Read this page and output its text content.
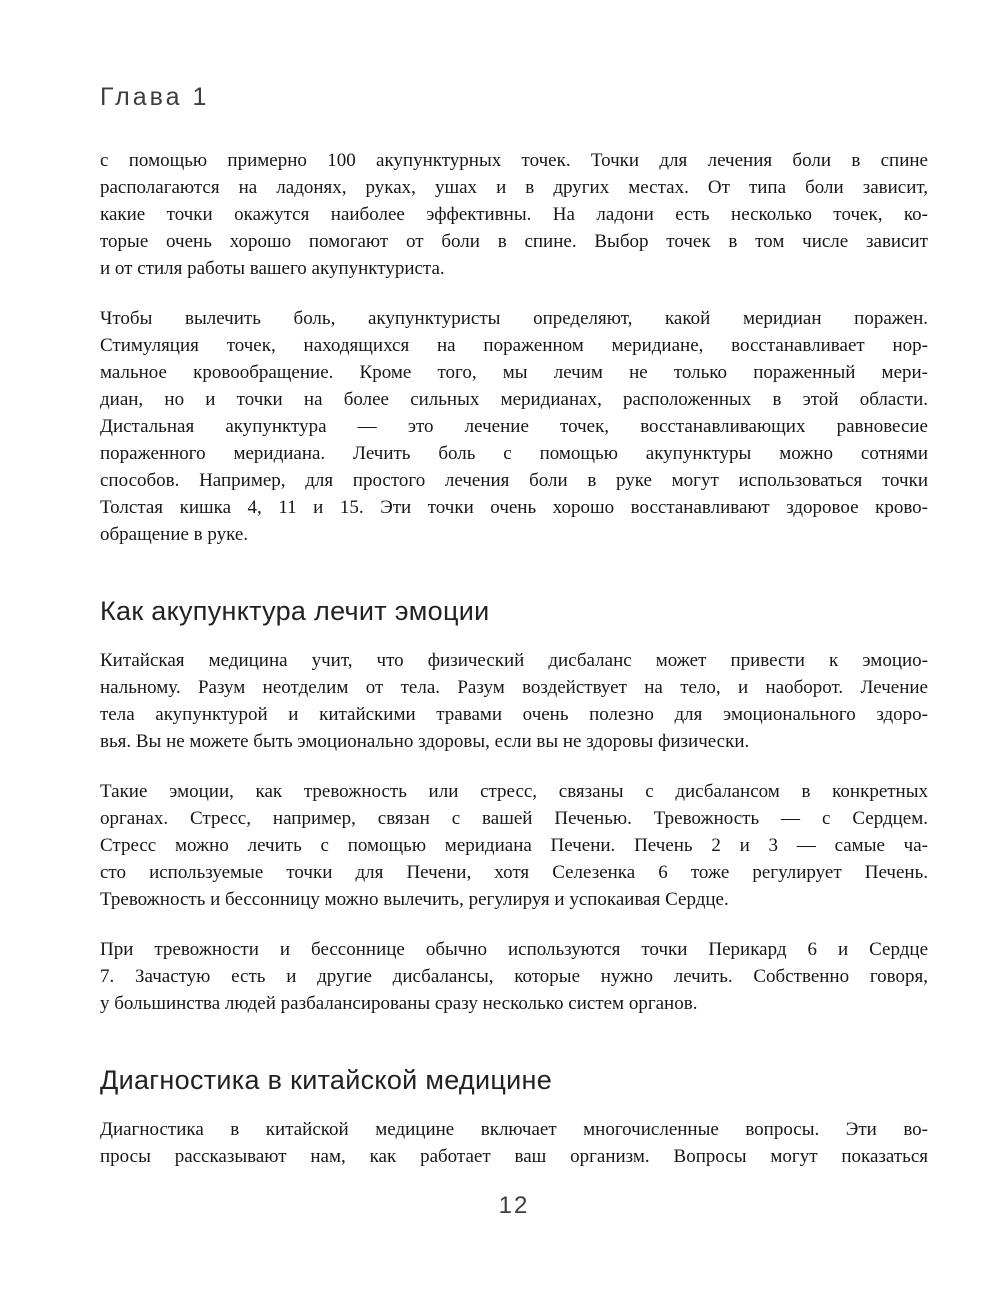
Глава 1
с помощью примерно 100 акупунктурных точек. Точки для лечения боли в спине
располагаются на ладонях, руках, ушах и в других местах. От типа боли зависит,
какие точки окажутся наиболее эффективны. На ладони есть несколько точек, ко-
торые очень хорошо помогают от боли в спине. Выбор точек в том числе зависит
и от стиля работы вашего акупунктуриста.
Чтобы вылечить боль, акупунктуристы определяют, какой меридиан поражен.
Стимуляция точек, находящихся на пораженном меридиане, восстанавливает нор-
мальное кровообращение. Кроме того, мы лечим не только пораженный мери-
диан, но и точки на более сильных меридианах, расположенных в этой области.
Дистальная акупунктура — это лечение точек, восстанавливающих равновесие
пораженного меридиана. Лечить боль с помощью акупунктуры можно сотнями
способов. Например, для простого лечения боли в руке могут использоваться точки
Толстая кишка 4, 11 и 15. Эти точки очень хорошо восстанавливают здоровое крово-
обращение в руке.
Как акупунктура лечит эмоции
Китайская медицина учит, что физический дисбаланс может привести к эмоцио-
нальному. Разум неотделим от тела. Разум воздействует на тело, и наоборот. Лечение
тела акупунктурой и китайскими травами очень полезно для эмоционального здоро-
вья. Вы не можете быть эмоционально здоровы, если вы не здоровы физически.
Такие эмоции, как тревожность или стресс, связаны с дисбалансом в конкретных
органах. Стресс, например, связан с вашей Печенью. Тревожность — с Сердцем.
Стресс можно лечить с помощью меридиана Печени. Печень 2 и 3 — самые ча-
сто используемые точки для Печени, хотя Селезенка 6 тоже регулирует Печень.
Тревожность и бессонницу можно вылечить, регулируя и успокаивая Сердце.
При тревожности и бессоннице обычно используются точки Перикард 6 и Сердце
7. Зачастую есть и другие дисбалансы, которые нужно лечить. Собственно говоря,
у большинства людей разбалансированы сразу несколько систем органов.
Диагностика в китайской медицине
Диагностика в китайской медицине включает многочисленные вопросы. Эти во-
просы рассказывают нам, как работает ваш организм. Вопросы могут показаться
12
